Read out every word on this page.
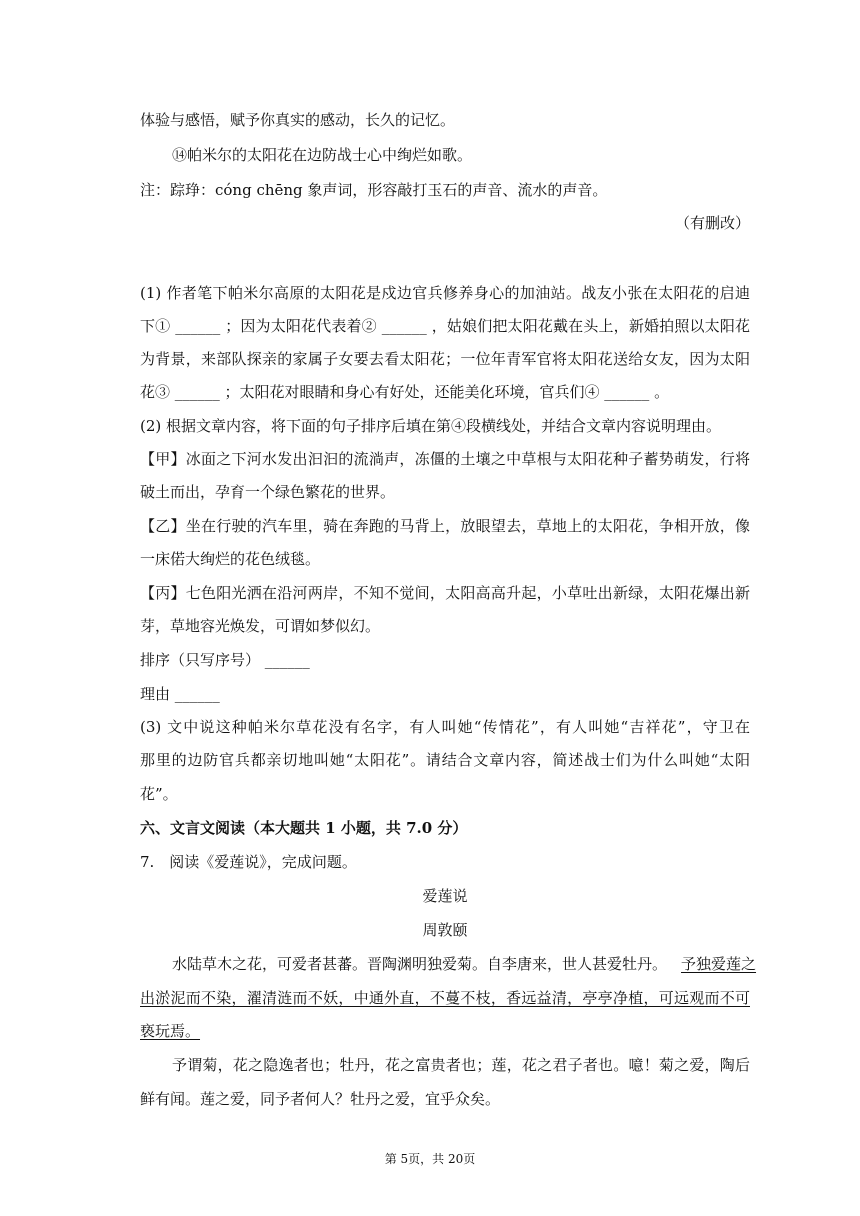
体验与感悟，赋予你真实的感动，长久的记忆。
⑭帕米尔的太阳花在边防战士心中绚烂如歌。
注：踪琤：cóng chēng 象声词，形容敲打玉石的声音、流水的声音。
（有删改）
(1) 作者笔下帕米尔高原的太阳花是戍边官兵修养身心的加油站。战友小张在太阳花的启迪
下① ______ ；因为太阳花代表着② ______ ，姑娘们把太阳花戴在头上，新婚拍照以太阳花
为背景，来部队探亲的家属子女要去看太阳花；一位年青军官将太阳花送给女友，因为太阳
花③ ______ ；太阳花对眼睛和身心有好处，还能美化环境，官兵们④ ______ 。
(2) 根据文章内容，将下面的句子排序后填在第④段横线处，并结合文章内容说明理由。
【甲】冰面之下河水发出汩汩的流淌声，冻僵的土壤之中草根与太阳花种子蓄势萌发，行将
破土而出，孕育一个绿色繁花的世界。
【乙】坐在行驶的汽车里，骑在奔跑的马背上，放眼望去，草地上的太阳花，争相开放，像
一床偌大绚烂的花色绒毯。
【丙】七色阳光洒在沿河两岸，不知不觉间，太阳高高升起，小草吐出新绿，太阳花爆出新
芽，草地容光焕发，可谓如梦似幻。
排序（只写序号） ______
理由 ______
(3) 文中说这种帕米尔草花没有名字，有人叫她“传情花”，有人叫她“吉祥花”，守卫在
那里的边防官兵都亲切地叫她“太阳花”。请结合文章内容，简述战士们为什么叫她“太阳
花”。
六、文言文阅读（本大题共 1 小题，共 7.0 分）
7.　阅读《爱莲说》，完成问题。
爱莲说
周敦颐
水陆草木之花，可爱者甚蕃。晋陶渊明独爱菊。自李唐来，世人甚爱牡丹。 予独爱莲之
出淤泥而不染，濯清涟而不妖，中通外直，不蔓不枝，香远益清，亭亭净植，可远观而不可
亵玩焉。
予谓菊，花之隐逸者也；牡丹，花之富贵者也；莲，花之君子者也。噫！菊之爱，陶后
鲜有闻。莲之爱，同予者何人？牡丹之爱，宜乎众矣。
第 5页，共 20页
